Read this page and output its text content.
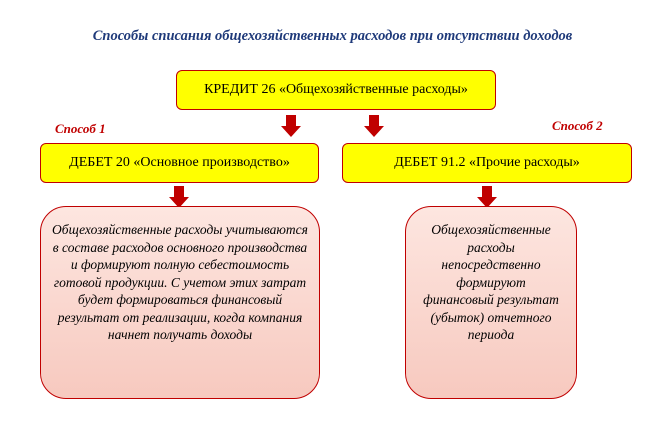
Способы списания общехозяйственных расходов при отсутствии доходов
КРЕДИТ 26 «Общехозяйственные расходы»
Способ 1	Способ 2
ДЕБЕТ 20 «Основное производство»	ДЕБЕТ 91.2 «Прочие расходы»
Общехозяйственные расходы учитываются в составе расходов основного производства и формируют полную себестоимость готовой продукции. С учетом этих затрат будет формироваться финансовый результат от реализации, когда компания начнет получать доходы
Общехозяйственные расходы непосредственно формируют финансовый результат (убыток) отчетного периода
